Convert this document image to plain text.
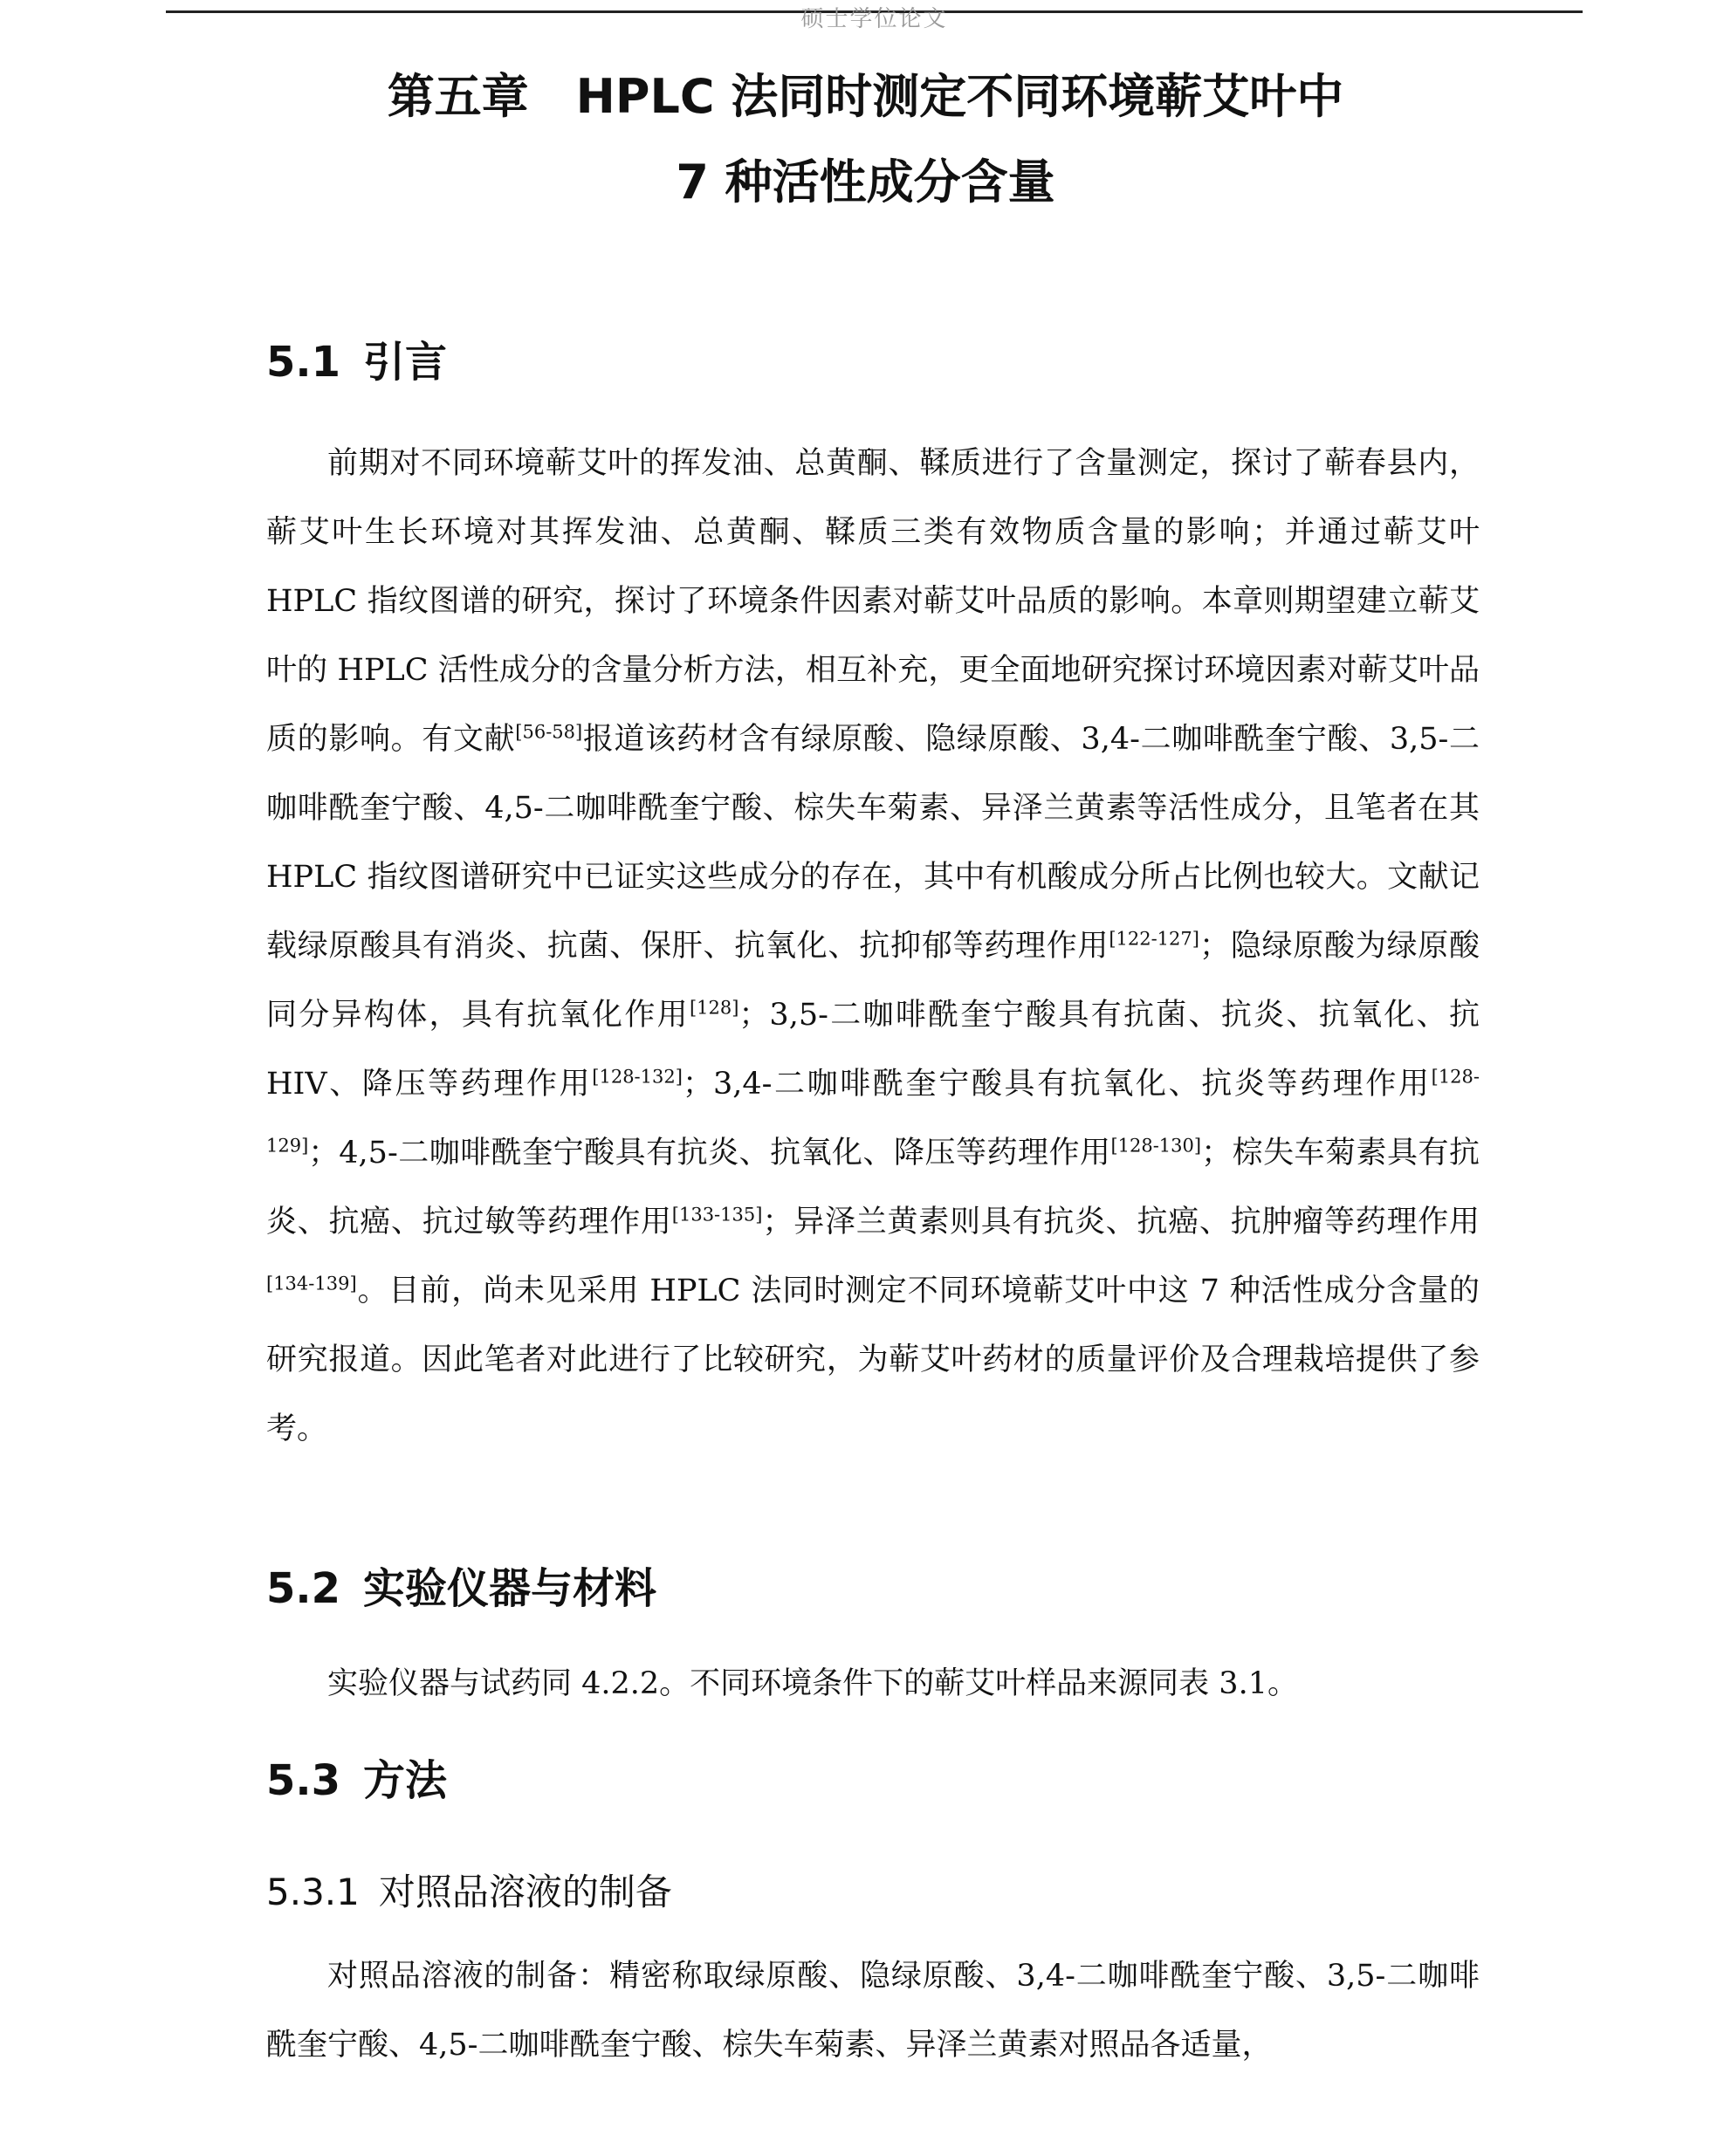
硕士学位论文
第五章　HPLC 法同时测定不同环境蕲艾叶中
7 种活性成分含量
5.1 引言
前期对不同环境蕲艾叶的挥发油、总黄酮、鞣质进行了含量测定，探讨了蕲春县内，蕲艾叶生长环境对其挥发油、总黄酮、鞣质三类有效物质含量的影响；并通过蕲艾叶 HPLC 指纹图谱的研究，探讨了环境条件因素对蕲艾叶品质的影响。本章则期望建立蕲艾叶的 HPLC 活性成分的含量分析方法，相互补充，更全面地研究探讨环境因素对蕲艾叶品质的影响。有文献[56-58]报道该药材含有绿原酸、隐绿原酸、3,4-二咖啡酰奎宁酸、3,5-二咖啡酰奎宁酸、4,5-二咖啡酰奎宁酸、棕失车菊素、异泽兰黄素等活性成分，且笔者在其 HPLC 指纹图谱研究中已证实这些成分的存在，其中有机酸成分所占比例也较大。文献记载绿原酸具有消炎、抗菌、保肝、抗氧化、抗抑郁等药理作用[122-127]；隐绿原酸为绿原酸同分异构体，具有抗氧化作用[128]；3,5-二咖啡酰奎宁酸具有抗菌、抗炎、抗氧化、抗 HIV、降压等药理作用[128-132]；3,4-二咖啡酰奎宁酸具有抗氧化、抗炎等药理作用[128-129]；4,5-二咖啡酰奎宁酸具有抗炎、抗氧化、降压等药理作用[128-130]；棕失车菊素具有抗炎、抗癌、抗过敏等药理作用[133-135]；异泽兰黄素则具有抗炎、抗癌、抗肿瘤等药理作用[134-139]。目前，尚未见采用 HPLC 法同时测定不同环境蕲艾叶中这 7 种活性成分含量的研究报道。因此笔者对此进行了比较研究，为蕲艾叶药材的质量评价及合理栽培提供了参考。
5.2 实验仪器与材料
实验仪器与试药同 4.2.2。不同环境条件下的蕲艾叶样品来源同表 3.1。
5.3 方法
5.3.1 对照品溶液的制备
对照品溶液的制备：精密称取绿原酸、隐绿原酸、3,4-二咖啡酰奎宁酸、3,5-二咖啡酰奎宁酸、4,5-二咖啡酰奎宁酸、棕失车菊素、异泽兰黄素对照品各适量，
